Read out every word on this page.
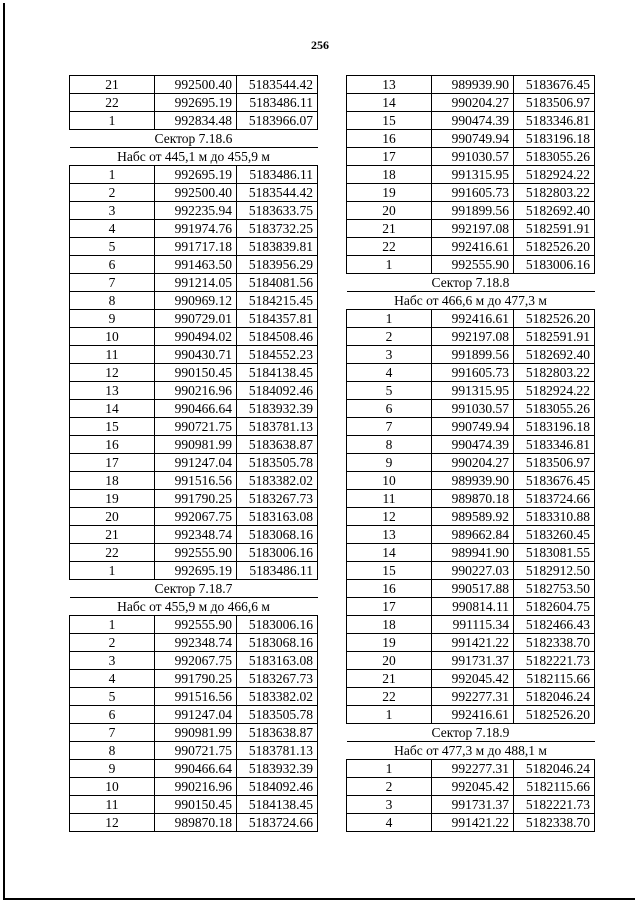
256
21	992500.40	5183544.42
22	992695.19	5183486.11
1	992834.48	5183966.07
Сектор 7.18.6		
Набс от 445,1 м до 455,9 м		
1	992695.19	5183486.11
2	992500.40	5183544.42
3	992235.94	5183633.75
4	991974.76	5183732.25
5	991717.18	5183839.81
6	991463.50	5183956.29
7	991214.05	5184081.56
8	990969.12	5184215.45
9	990729.01	5184357.81
10	990494.02	5184508.46
11	990430.71	5184552.23
12	990150.45	5184138.45
13	990216.96	5184092.46
14	990466.64	5183932.39
15	990721.75	5183781.13
16	990981.99	5183638.87
17	991247.04	5183505.78
18	991516.56	5183382.02
19	991790.25	5183267.73
20	992067.75	5183163.08
21	992348.74	5183068.16
22	992555.90	5183006.16
1	992695.19	5183486.11
Сектор 7.18.7		
Набс от 455,9 м до 466,6 м		
1	992555.90	5183006.16
2	992348.74	5183068.16
3	992067.75	5183163.08
4	991790.25	5183267.73
5	991516.56	5183382.02
6	991247.04	5183505.78
7	990981.99	5183638.87
8	990721.75	5183781.13
9	990466.64	5183932.39
10	990216.96	5184092.46
11	990150.45	5184138.45
12	989870.18	5183724.66
13	989939.90	5183676.45
14	990204.27	5183506.97
15	990474.39	5183346.81
16	990749.94	5183196.18
17	991030.57	5183055.26
18	991315.95	5182924.22
19	991605.73	5182803.22
20	991899.56	5182692.40
21	992197.08	5182591.91
22	992416.61	5182526.20
1	992555.90	5183006.16
Сектор 7.18.8		
Набс от 466,6 м до 477,3 м		
1	992416.61	5182526.20
2	992197.08	5182591.91
3	991899.56	5182692.40
4	991605.73	5182803.22
5	991315.95	5182924.22
6	991030.57	5183055.26
7	990749.94	5183196.18
8	990474.39	5183346.81
9	990204.27	5183506.97
10	989939.90	5183676.45
11	989870.18	5183724.66
12	989589.92	5183310.88
13	989662.84	5183260.45
14	989941.90	5183081.55
15	990227.03	5182912.50
16	990517.88	5182753.50
17	990814.11	5182604.75
18	991115.34	5182466.43
19	991421.22	5182338.70
20	991731.37	5182221.73
21	992045.42	5182115.66
22	992277.31	5182046.24
1	992416.61	5182526.20
Сектор 7.18.9		
Набс от 477,3 м до 488,1 м		
1	992277.31	5182046.24
2	992045.42	5182115.66
3	991731.37	5182221.73
4	991421.22	5182338.70
